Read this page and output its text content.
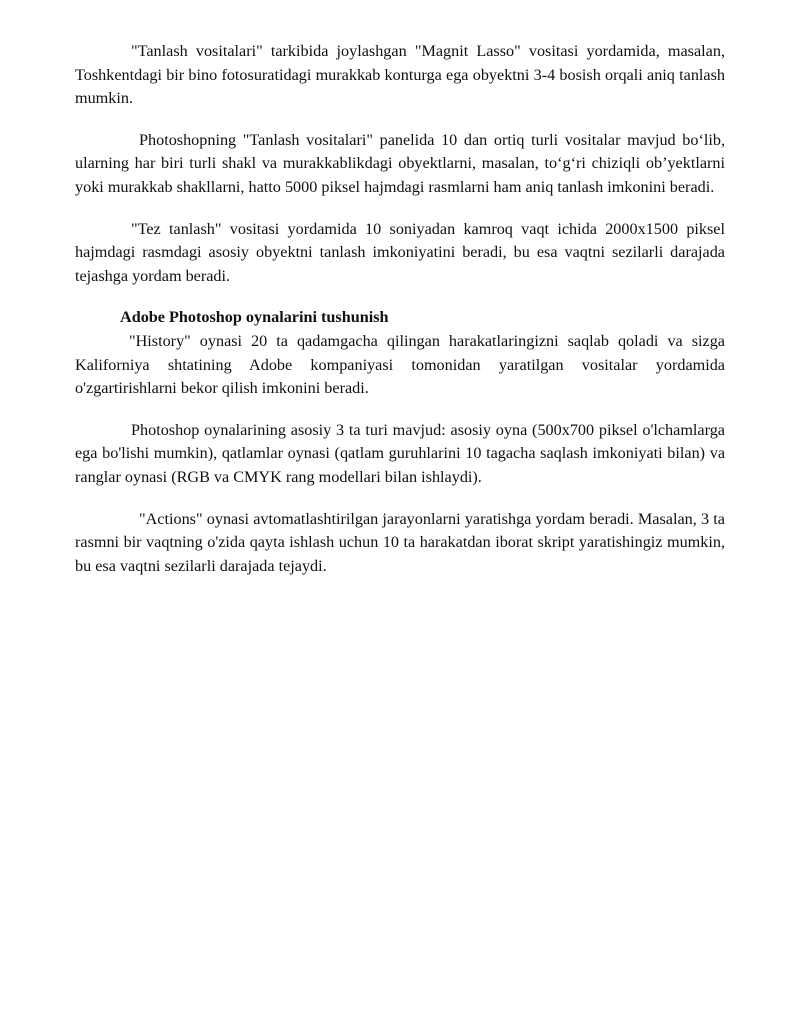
"Tanlash vositalari" tarkibida joylashgan "Magnit Lasso" vositasi yordamida, masalan, Toshkentdagi bir bino fotosuratidagi murakkab konturga ega obyektni 3-4 bosish orqali aniq tanlash mumkin.

Photoshopning "Tanlash vositalari" panelida 10 dan ortiq turli vositalar mavjud bo‘lib, ularning har biri turli shakl va murakkablikdagi obyektlarni, masalan, to‘g‘ri chiziqli ob’yektlarni yoki murakkab shakllarni, hatto 5000 piksel hajmdagi rasmlarni ham aniq tanlash imkonini beradi.

"Tez tanlash" vositasi yordamida 10 soniyadan kamroq vaqt ichida 2000x1500 piksel hajmdagi rasmdagi asosiy obyektni tanlash imkoniyatini beradi, bu esa vaqtni sezilarli darajada tejashga yordam beradi.

Adobe Photoshop oynalarini tushunish

"History" oynasi 20 ta qadamgacha qilingan harakatlaringizni saqlab qoladi va sizga Kaliforniya shtatining Adobe kompaniyasi tomonidan yaratilgan vositalar yordamida o'zgartirishlarni bekor qilish imkonini beradi.

Photoshop oynalarining asosiy 3 ta turi mavjud: asosiy oyna (500x700 piksel o'lchamlarga ega bo'lishi mumkin), qatlamlar oynasi (qatlam guruhlarini 10 tagacha saqlash imkoniyati bilan) va ranglar oynasi (RGB va CMYK rang modellari bilan ishlaydi).

"Actions" oynasi avtomatlashtirilgan jarayonlarni yaratishga yordam beradi. Masalan, 3 ta rasmni bir vaqtning o'zida qayta ishlash uchun 10 ta harakatdan iborat skript yaratishingiz mumkin, bu esa vaqtni sezilarli darajada tejaydi.
